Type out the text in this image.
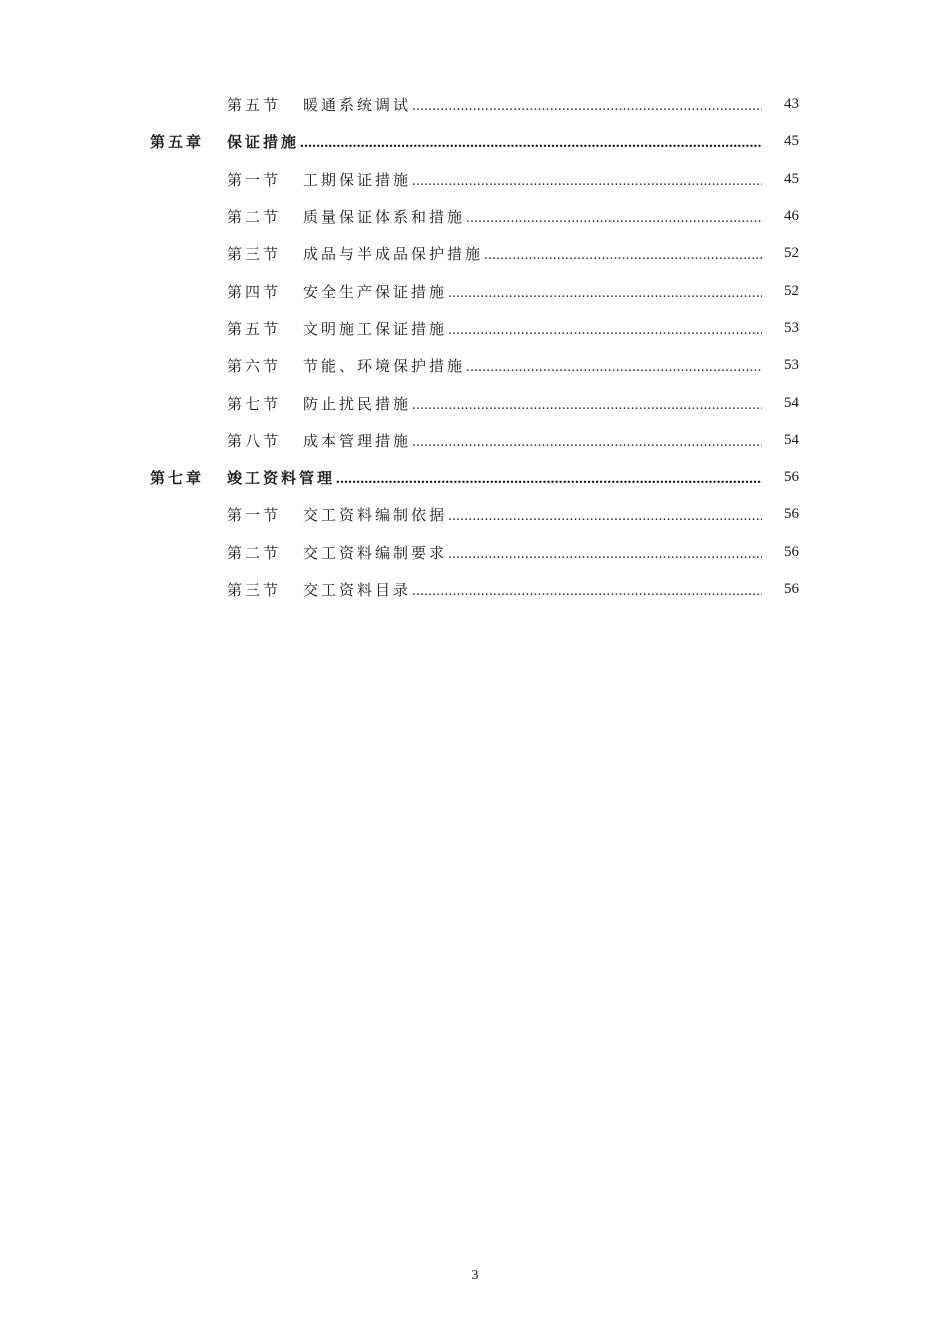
第五节 暖通系统调试 .....	43
第五章 保证措施 .....	45
第一节 工期保证措施 .....	45
第二节 质量保证体系和措施 .....	46
第三节 成品与半成品保护措施 .....	52
第四节 安全生产保证措施 .....	52
第五节 文明施工保证措施 .....	53
第六节 节能、环境保护措施 .....	53
第七节 防止扰民措施 .....	54
第八节 成本管理措施 .....	54
第七章 竣工资料管理 .....	56
第一节 交工资料编制依据 .....	56
第二节 交工资料编制要求 .....	56
第三节 交工资料目录 .....	56
3
